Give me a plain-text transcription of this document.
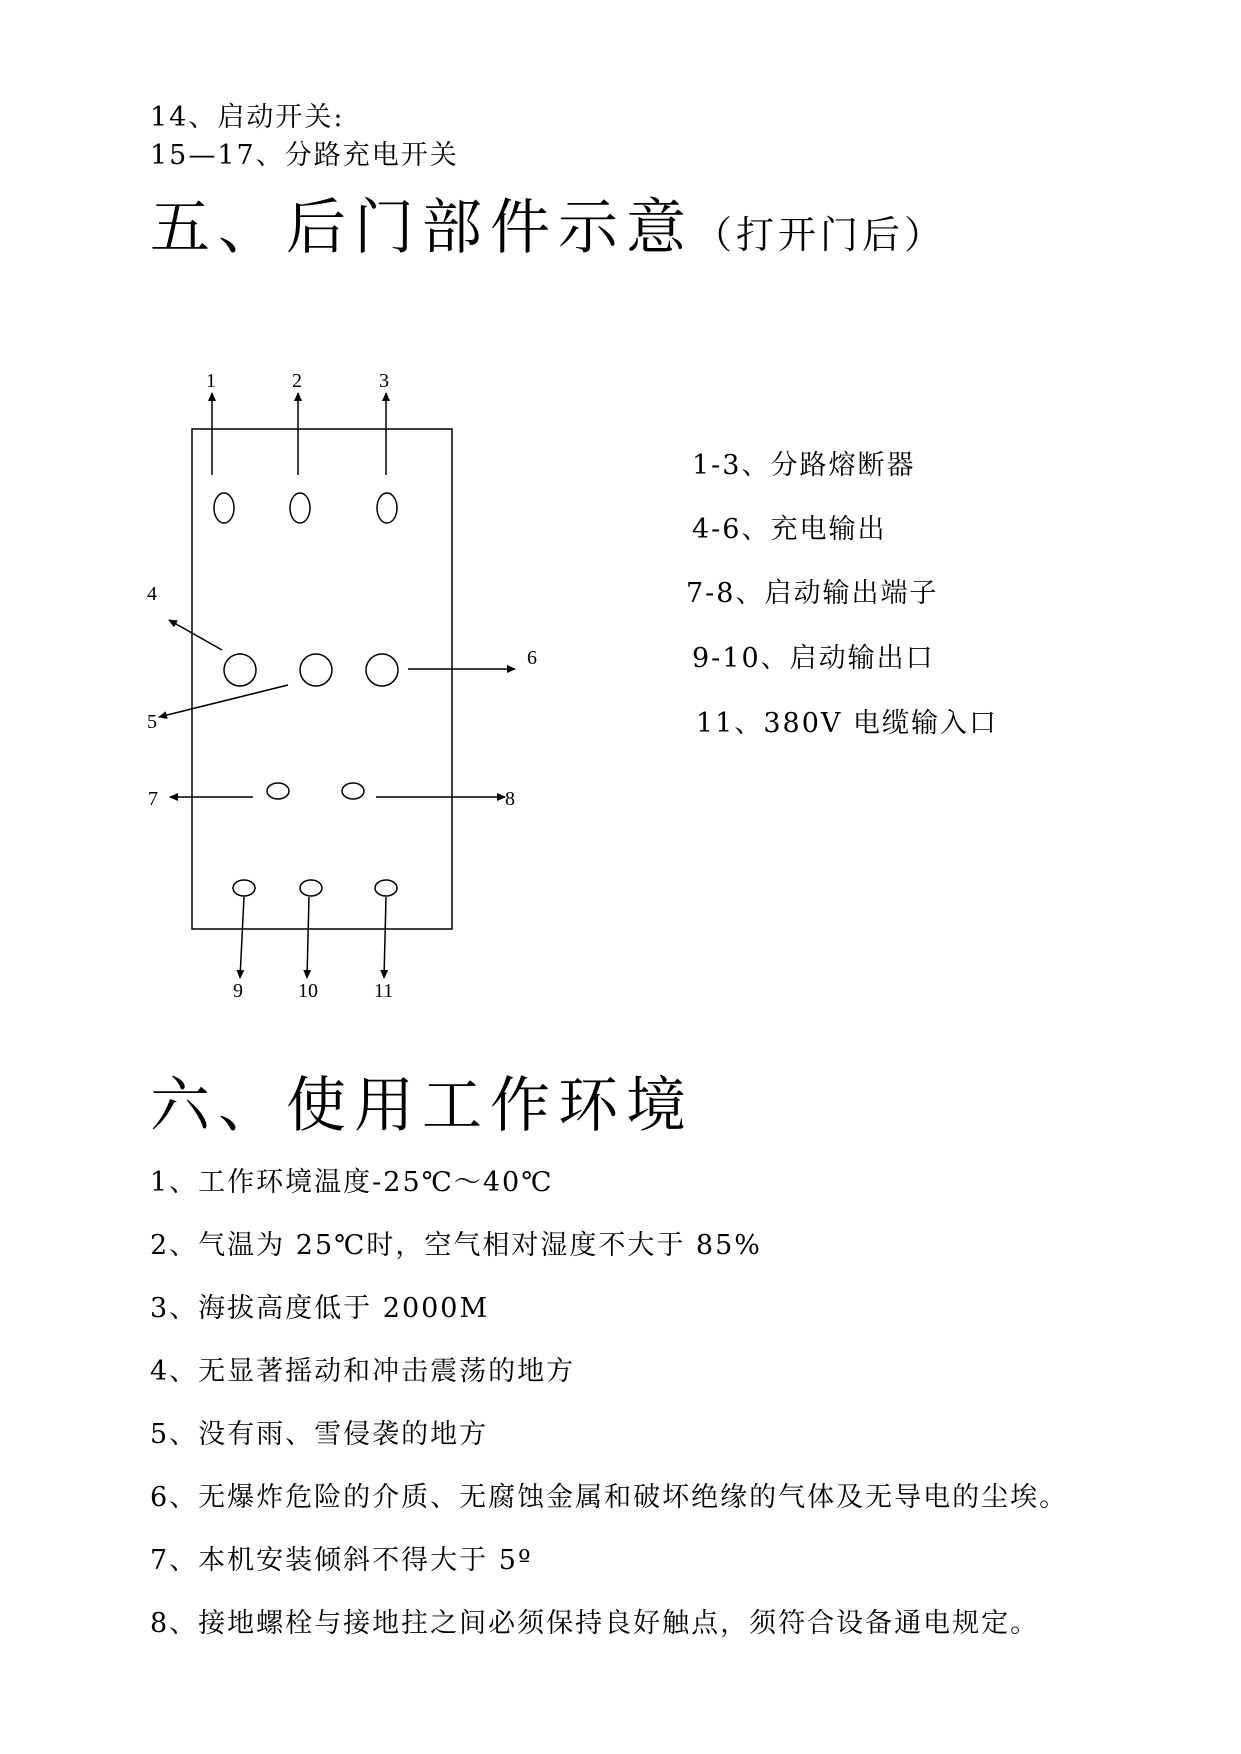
14、启动开关:
15—17、分路充电开关
五、后门部件示意（打开门后）
1	2	3
4
5
6
7	8
9	10	11
1-3、分路熔断器
4-6、充电输出
7-8、启动输出端子
9-10、启动输出口
11、380V 电缆输入口
六、使用工作环境
1、工作环境温度-25℃～40℃
2、气温为 25℃时，空气相对湿度不大于 85%
3、海拔高度低于 2000M
4、无显著摇动和冲击震荡的地方
5、没有雨、雪侵袭的地方
6、无爆炸危险的介质、无腐蚀金属和破坏绝缘的气体及无导电的尘埃。
7、本机安装倾斜不得大于 5º
8、接地螺栓与接地拄之间必须保持良好触点，须符合设备通电规定。
